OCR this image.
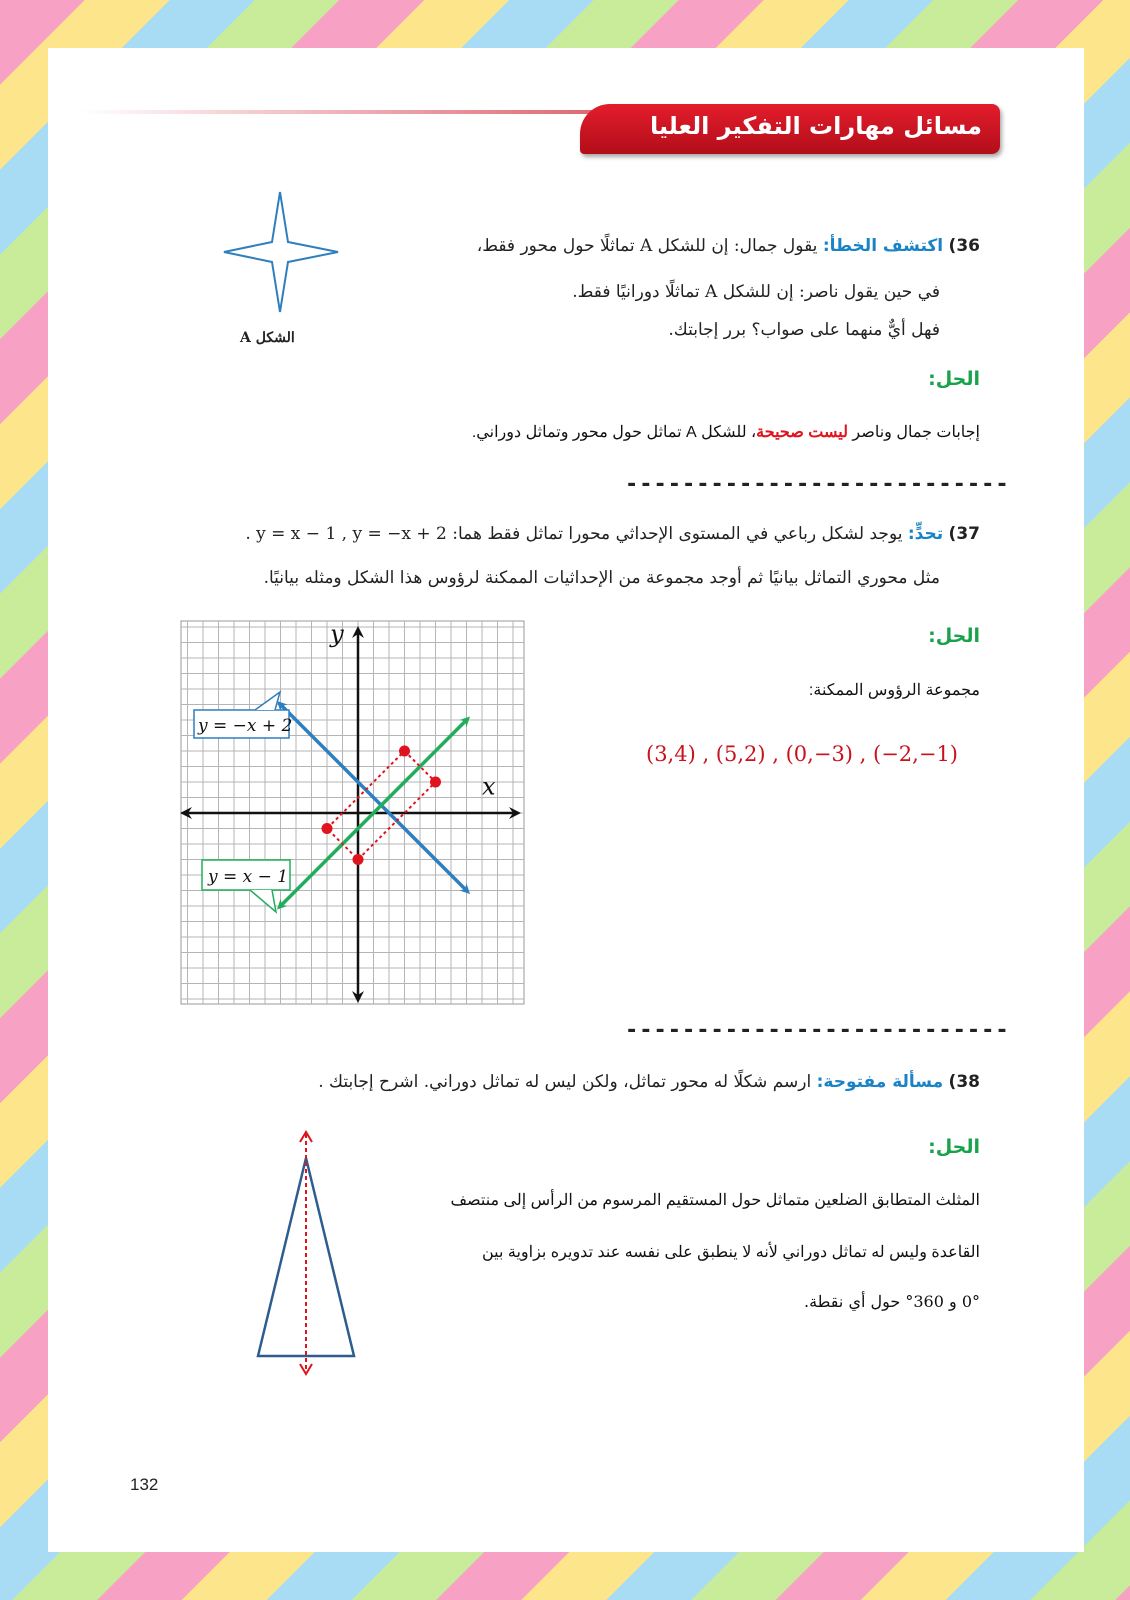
مسائل مهارات التفكير العليا
الشكل A
36) اكتشف الخطأ: يقول جمال: إن للشكل A تماثلًا حول محور فقط،
في حين يقول ناصر: إن للشكل A تماثلًا دورانيًا فقط.
فهل أيٌّ منهما على صواب؟ برر إجابتك.
الحل:
إجابات جمال وناصر ليست صحيحة، للشكل A تماثل حول محور وتماثل دوراني.
---------------------------
37) تحدٍّ: يوجد لشكل رباعي في المستوى الإحداثي محورا تماثل فقط هما: y = x − 1 , y = −x + 2 .
مثل محوري التماثل بيانيًا ثم أوجد مجموعة من الإحداثيات الممكنة لرؤوس هذا الشكل ومثله بيانيًا.
x
y
y = −x + 2
y = x − 1
الحل:
مجموعة الرؤوس الممكنة:
(3,4) , (5,2) , (0,−3) , (−2,−1)
---------------------------
38) مسألة مفتوحة: ارسم شكلًا له محور تماثل، ولكن ليس له تماثل دوراني. اشرح إجابتك .
الحل:
المثلث المتطابق الضلعين متماثل حول المستقيم المرسوم من الرأس إلى منتصف
القاعدة وليس له تماثل دوراني لأنه لا ينطبق على نفسه عند تدويره بزاوية بين
0° و 360° حول أي نقطة.
132
